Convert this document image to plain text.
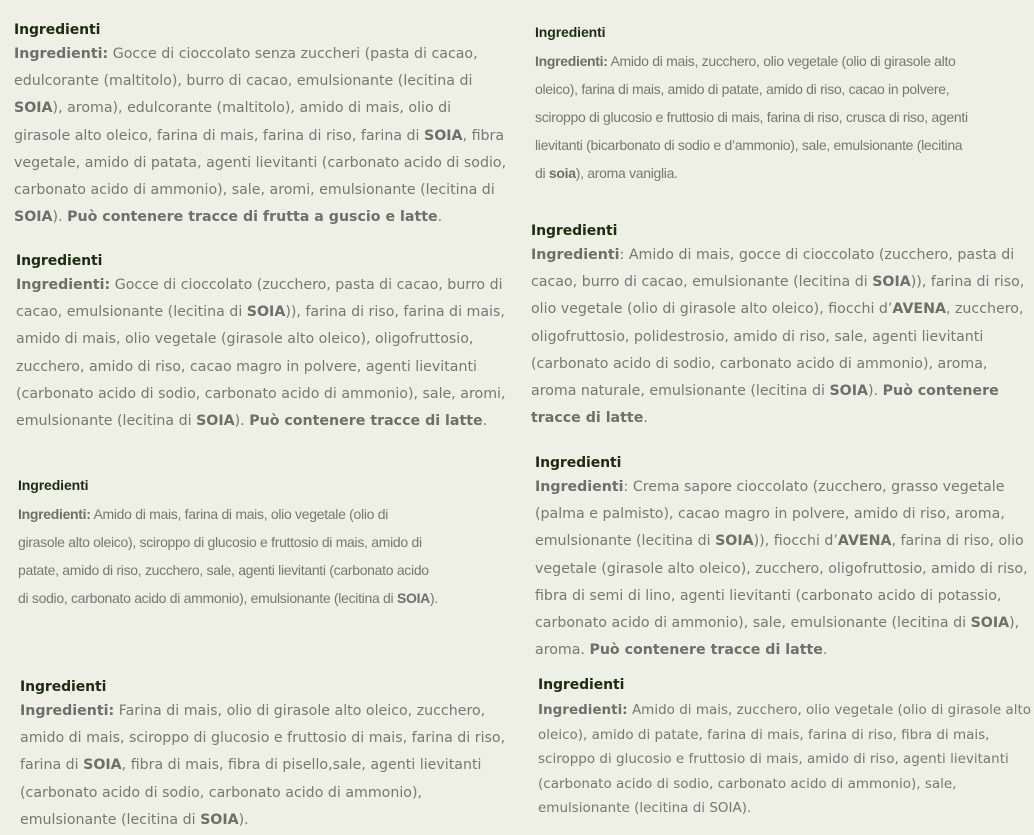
Ingredienti

Ingredienti: Gocce di cioccolato senza zuccheri (pasta di cacao, edulcorante (maltitolo), burro di cacao, emulsionante (lecitina di SOIA), aroma), edulcorante (maltitolo), amido di mais, olio di girasole alto oleico, farina di mais, farina di riso, farina di SOIA, fibra vegetale, amido di patata, agenti lievitanti (carbonato acido di sodio, carbonato acido di ammonio), sale, aromi, emulsionante (lecitina di SOIA). Può contenere tracce di frutta a guscio e latte.

Ingredienti

Ingredienti: Gocce di cioccolato (zucchero, pasta di cacao, burro di cacao, emulsionante (lecitina di SOIA)), farina di riso, farina di mais, amido di mais, olio vegetale (girasole alto oleico), oligofruttosio, zucchero, amido di riso, cacao magro in polvere, agenti lievitanti (carbonato acido di sodio, carbonato acido di ammonio), sale, aromi, emulsionante (lecitina di SOIA). Può contenere tracce di latte.

Ingredienti

Ingredienti: Amido di mais, farina di mais, olio vegetale (olio di girasole alto oleico), sciroppo di glucosio e fruttosio di mais, amido di patate, amido di riso, zucchero, sale, agenti lievitanti (carbonato acido di sodio, carbonato acido di ammonio), emulsionante (lecitina di SOIA).

Ingredienti

Ingredienti: Farina di mais, olio di girasole alto oleico, zucchero, amido di mais, sciroppo di glucosio e fruttosio di mais, farina di riso, farina di SOIA, fibra di mais, fibra di pisello,sale, agenti lievitanti (carbonato acido di sodio, carbonato acido di ammonio), emulsionante (lecitina di SOIA).

Ingredienti

Ingredienti: Amido di mais, zucchero, olio vegetale (olio di girasole alto oleico), farina di mais, amido di patate, amido di riso, cacao in polvere, sciroppo di glucosio e fruttosio di mais, farina di riso, crusca di riso, agenti lievitanti (bicarbonato di sodio e d’ammonio), sale, emulsionante (lecitina di soia), aroma vaniglia.

Ingredienti

Ingredienti: Amido di mais, gocce di cioccolato (zucchero, pasta di cacao, burro di cacao, emulsionante (lecitina di SOIA)), farina di riso, olio vegetale (olio di girasole alto oleico), fiocchi d’AVENA, zucchero, oligofruttosio, polidestrosio, amido di riso, sale, agenti lievitanti (carbonato acido di sodio, carbonato acido di ammonio), aroma, aroma naturale, emulsionante (lecitina di SOIA). Può contenere tracce di latte.

Ingredienti

Ingredienti: Crema sapore cioccolato (zucchero, grasso vegetale (palma e palmisto), cacao magro in polvere, amido di riso, aroma, emulsionante (lecitina di SOIA)), fiocchi d’AVENA, farina di riso, olio vegetale (girasole alto oleico), zucchero, oligofruttosio, amido di riso, fibra di semi di lino, agenti lievitanti (carbonato acido di potassio, carbonato acido di ammonio), sale, emulsionante (lecitina di SOIA), aroma. Può contenere tracce di latte.

Ingredienti

Ingredienti: Amido di mais, zucchero, olio vegetale (olio di girasole alto oleico), amido di patate, farina di mais, farina di riso, fibra di mais, sciroppo di glucosio e fruttosio di mais, amido di riso, agenti lievitanti (carbonato acido di sodio, carbonato acido di ammonio), sale, emulsionante (lecitina di SOIA).
